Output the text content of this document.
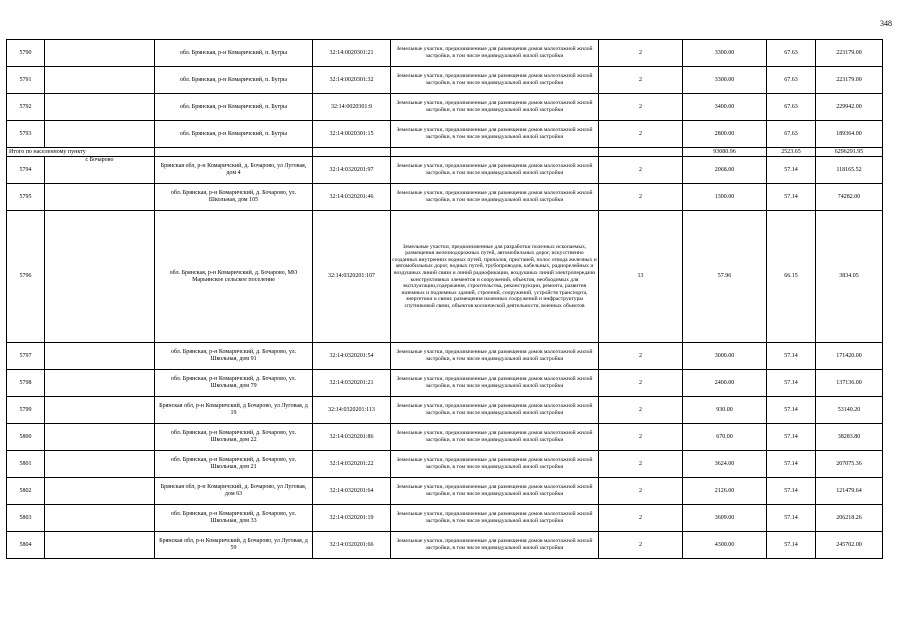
348
5790		обл. Брянская, р-н Комаричский, п. Бугры	32:14:0020301:21	Земельные участки, предназначенные для размещения домов малоэтажной жилой застройки, в том числе индивидуальной жилой застройки	2	3300.00	67.63	223179.00
5791		обл. Брянская, р-н Комаричский, п. Бугры	32:14:0020301:32	Земельные участки, предназначенные для размещения домов малоэтажной жилой застройки, в том числе индивидуальной жилой застройки	2	3300.00	67.63	223179.00
5792		обл. Брянская, р-н Комаричский, п. Бугры	32:14:0020301:9	Земельные участки, предназначенные для размещения домов малоэтажной жилой застройки, в том числе индивидуальной жилой застройки	2	3400.00	67.63	229942.00
5793		обл. Брянская, р-н Комаричский, п. Бугры	32:14:0020301:15	Земельные участки, предназначенные для размещения домов малоэтажной жилой застройки, в том числе индивидуальной жилой застройки	2	2800.00	67.63	189364.00
Итого по населенному пункту						93080.96	2523.65	6296291.95
5794	с Бочарово	Брянская обл, р-н Комаричский, д. Бочарово, ул Луговая, дом 4	32:14:0320201:97	Земельные участки, предназначенные для размещения домов малоэтажной жилой застройки, в том числе индивидуальной жилой застройки	2	2068.00	57.14	118165.52
5795		обл. Брянская, р-н Комаричский, д. Бочарово, ул. Школьная, дом 105	32:14:0320201:46	Земельные участки, предназначенные для размещения домов малоэтажной жилой застройки, в том числе индивидуальной жилой застройки	2	1300.00	57.14	74282.00
5796		обл. Брянская, р-н Комаричский, д. Бочарово, МО Марьинское сельское поселение	32:14:0320201:107	Земельные участки, предназначенные для разработки полезных ископаемых, размещения железнодорожных путей, автомобильных дорог, искусственно созданных внутренних водных путей, причалов, пристаней, полос отвода железных и автомобильных дорог, водных путей, трубопроводов, кабельных, радиорелейных и воздушных линий связи и линий радиофикации, воздушных линий электропередачи конструктивных элементов и сооружений, объектов, необходимых для эксплуатации,содержания, строительства, реконструкции, ремонта, развития наземных и подземных зданий, строений, сооружений, устройств транспорта, энергетики и связи; размещения наземных сооружений и инфраструктуры спутниковой связи, объектов космической деятельности, военных объектов	13	57.96	66.15	3834.05
5797		обл. Брянская, р-н Комаричский, д. Бочарово, ул. Школьная, дом 91	32:14:0320201:54	Земельные участки, предназначенные для размещения домов малоэтажной жилой застройки, в том числе индивидуальной жилой застройки	2	3000.00	57.14	171420.00
5798		обл. Брянская, р-н Комаричский, д. Бочарово, ул. Школьная, дом 79	32:14:0320201:21	Земельные участки, предназначенные для размещения домов малоэтажной жилой застройки, в том числе индивидуальной жилой застройки	2	2400.00	57.14	137136.00
5799		Брянская обл, р-н Комаричский, д Бочарово, ул Луговая, д 19	32:14:0320201:113	Земельные участки, предназначенные для размещения домов малоэтажной жилой застройки, в том числе индивидуальной жилой застройки	2	930.00	57.14	53140.20
5800		обл. Брянская, р-н Комаричский, д. Бочарово, ул. Школьная, дом 22	32:14:0320201:86	Земельные участки, предназначенные для размещения домов малоэтажной жилой застройки, в том числе индивидуальной жилой застройки	2	670.00	57.14	38283.80
5801		обл. Брянская, р-н Комаричский, д. Бочарово, ул. Школьная, дом 21	32:14:0320201:22	Земельные участки, предназначенные для размещения домов малоэтажной жилой застройки, в том числе индивидуальной жилой застройки	2	3624.00	57.14	207075.36
5802		Брянская обл, р-н Комаричский, д. Бочарово, ул Луговая, дом 63	32:14:0320201:64	Земельные участки, предназначенные для размещения домов малоэтажной жилой застройки, в том числе индивидуальной жилой застройки	2	2126.00	57.14	121479.64
5803		обл. Брянская, р-н Комаричский, д. Бочарово, ул. Школьная, дом 33	32:14:0320201:19	Земельные участки, предназначенные для размещения домов малоэтажной жилой застройки, в том числе индивидуальной жилой застройки	2	3609.00	57.14	206218.26
5804		Брянская обл, р-н Комаричский, д Бочарово, ул Луговая, д 59	32:14:0320201:66	Земельные участки, предназначенные для размещения домов малоэтажной жилой застройки, в том числе индивидуальной жилой застройки	2	4300.00	57.14	245702.00
